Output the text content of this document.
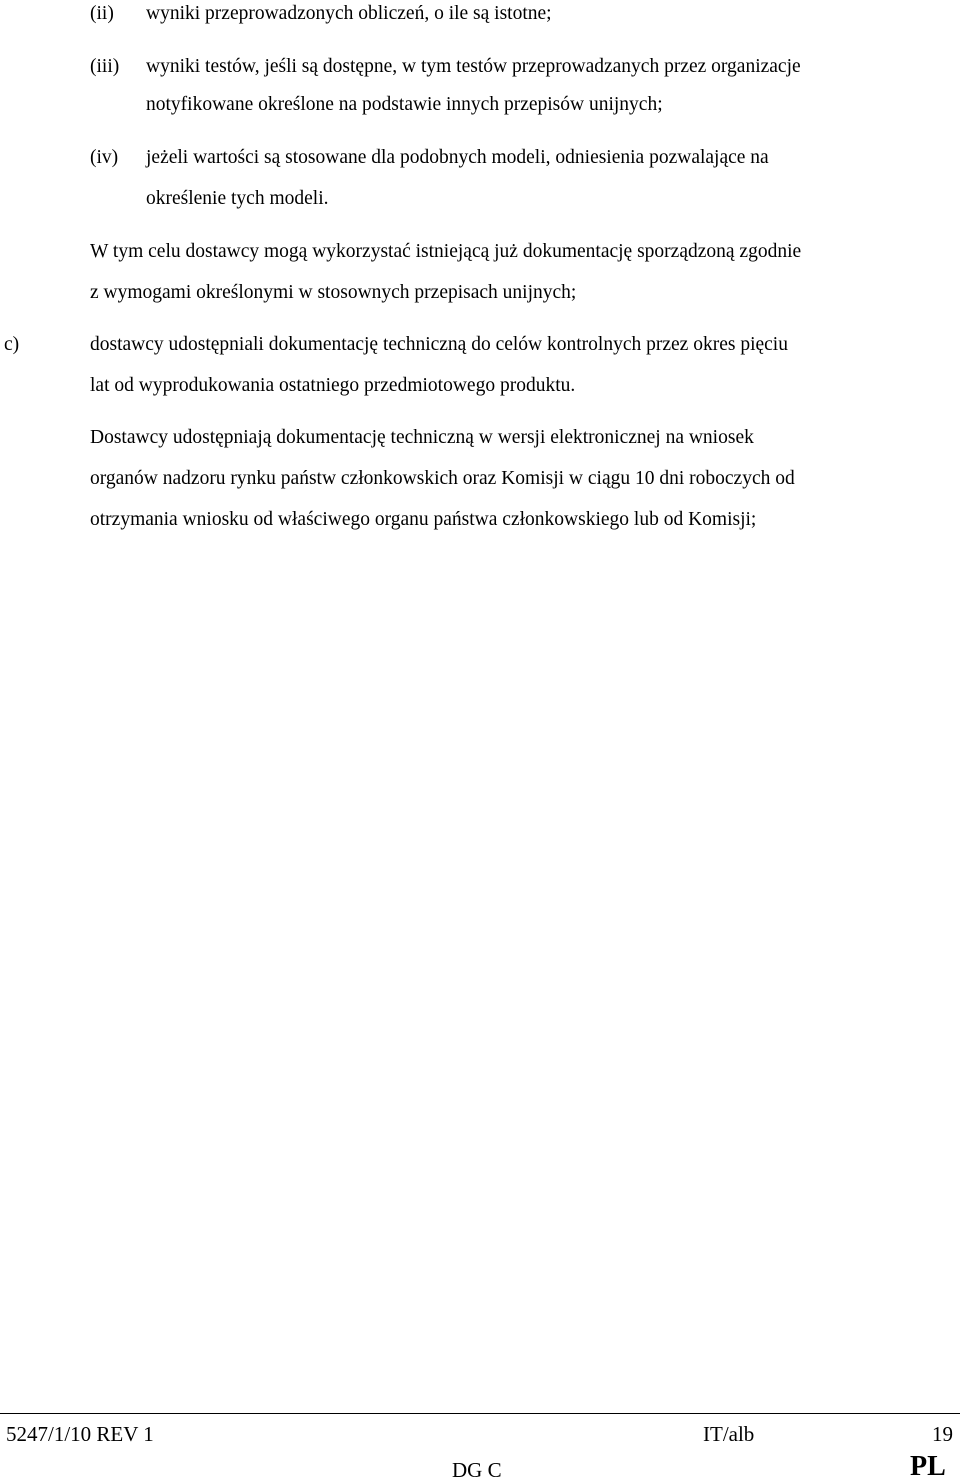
(ii) wyniki przeprowadzonych obliczeń, o ile są istotne;
(iii) wyniki testów, jeśli są dostępne, w tym testów przeprowadzanych przez organizacje
notyfikowane określone na podstawie innych przepisów unijnych;
(iv) jeżeli wartości są stosowane dla podobnych modeli, odniesienia pozwalające na
określenie tych modeli.
W tym celu dostawcy mogą wykorzystać istniejącą już dokumentację sporządzoną zgodnie
z wymogami określonymi w stosownych przepisach unijnych;
c)	dostawcy udostępniali dokumentację techniczną do celów kontrolnych przez okres pięciu
lat od wyprodukowania ostatniego przedmiotowego produktu.
Dostawcy udostępniają dokumentację techniczną w wersji elektronicznej na wniosek
organów nadzoru rynku państw członkowskich oraz Komisji w ciągu 10 dni roboczych od
otrzymania wniosku od właściwego organu państwa członkowskiego lub od Komisji;
5247/1/10 REV 1	IT/alb	19
DG C	PL
